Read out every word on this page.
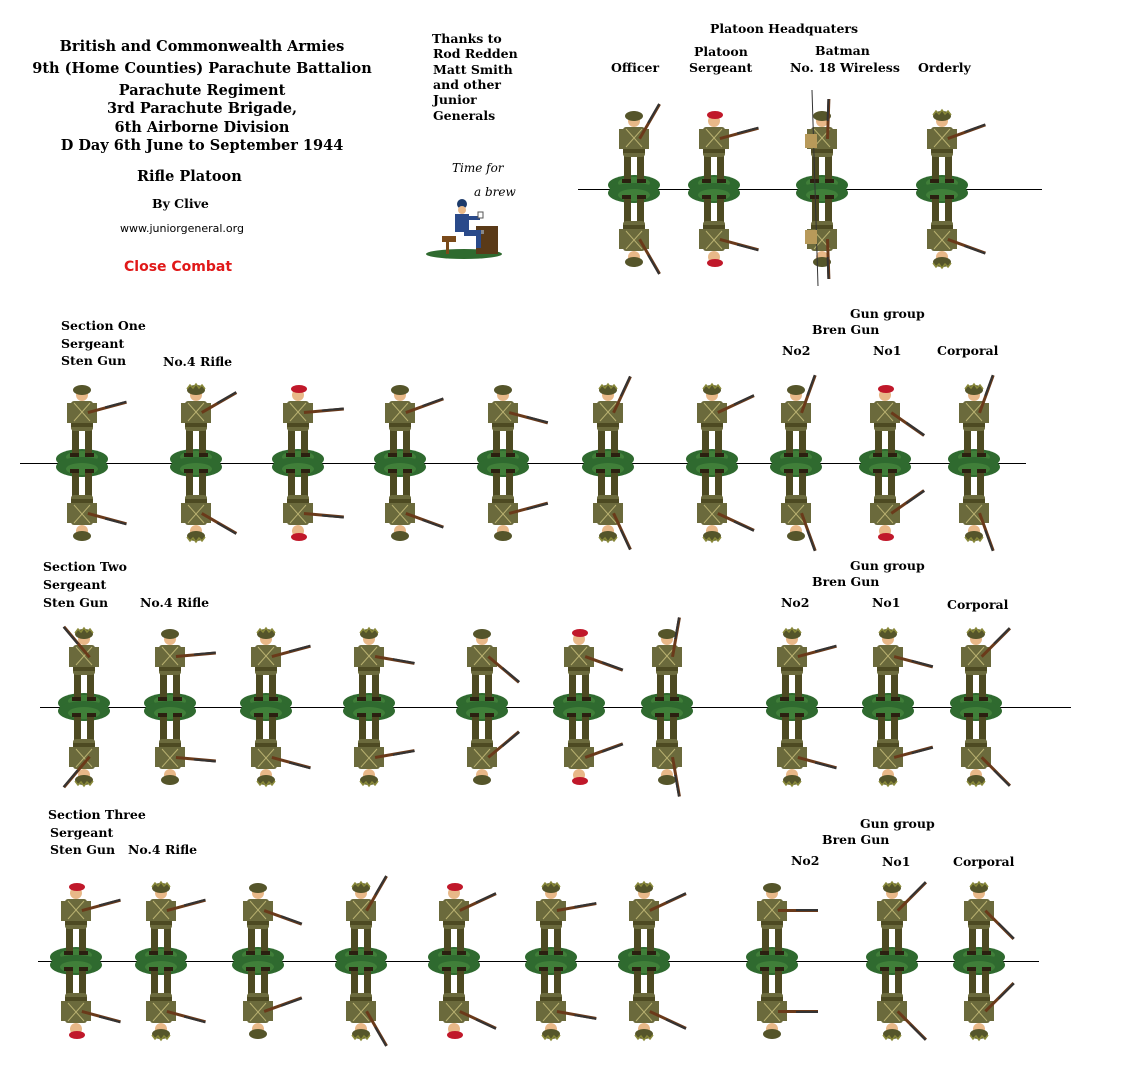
British and Commonwealth Armies
9th (Home Counties) Parachute Battalion
Parachute Regiment
3rd Parachute Brigade,
6th Airborne Division
D Day 6th June to September 1944
Rifle Platoon
By Clive
www.juniorgeneral.org
Close Combat
Thanks to
Rod Redden
Matt Smith
and other
Junior
Generals
Time for
a brew
Platoon Headquaters
Officer
Platoon
Sergeant
Batman
No. 18 Wireless Orderly
Section One
Sergeant
Sten Gun	No.4 Rifle
Gun group
Bren Gun
No2	No1	Corporal
Section Two
Sergeant
Sten Gun	No.4 Rifle
Gun group
Bren Gun
No2	No1	Corporal
Section Three
Sergeant
Sten Gun No.4 Rifle
Gun group
Bren Gun
No2	No1	Corporal
